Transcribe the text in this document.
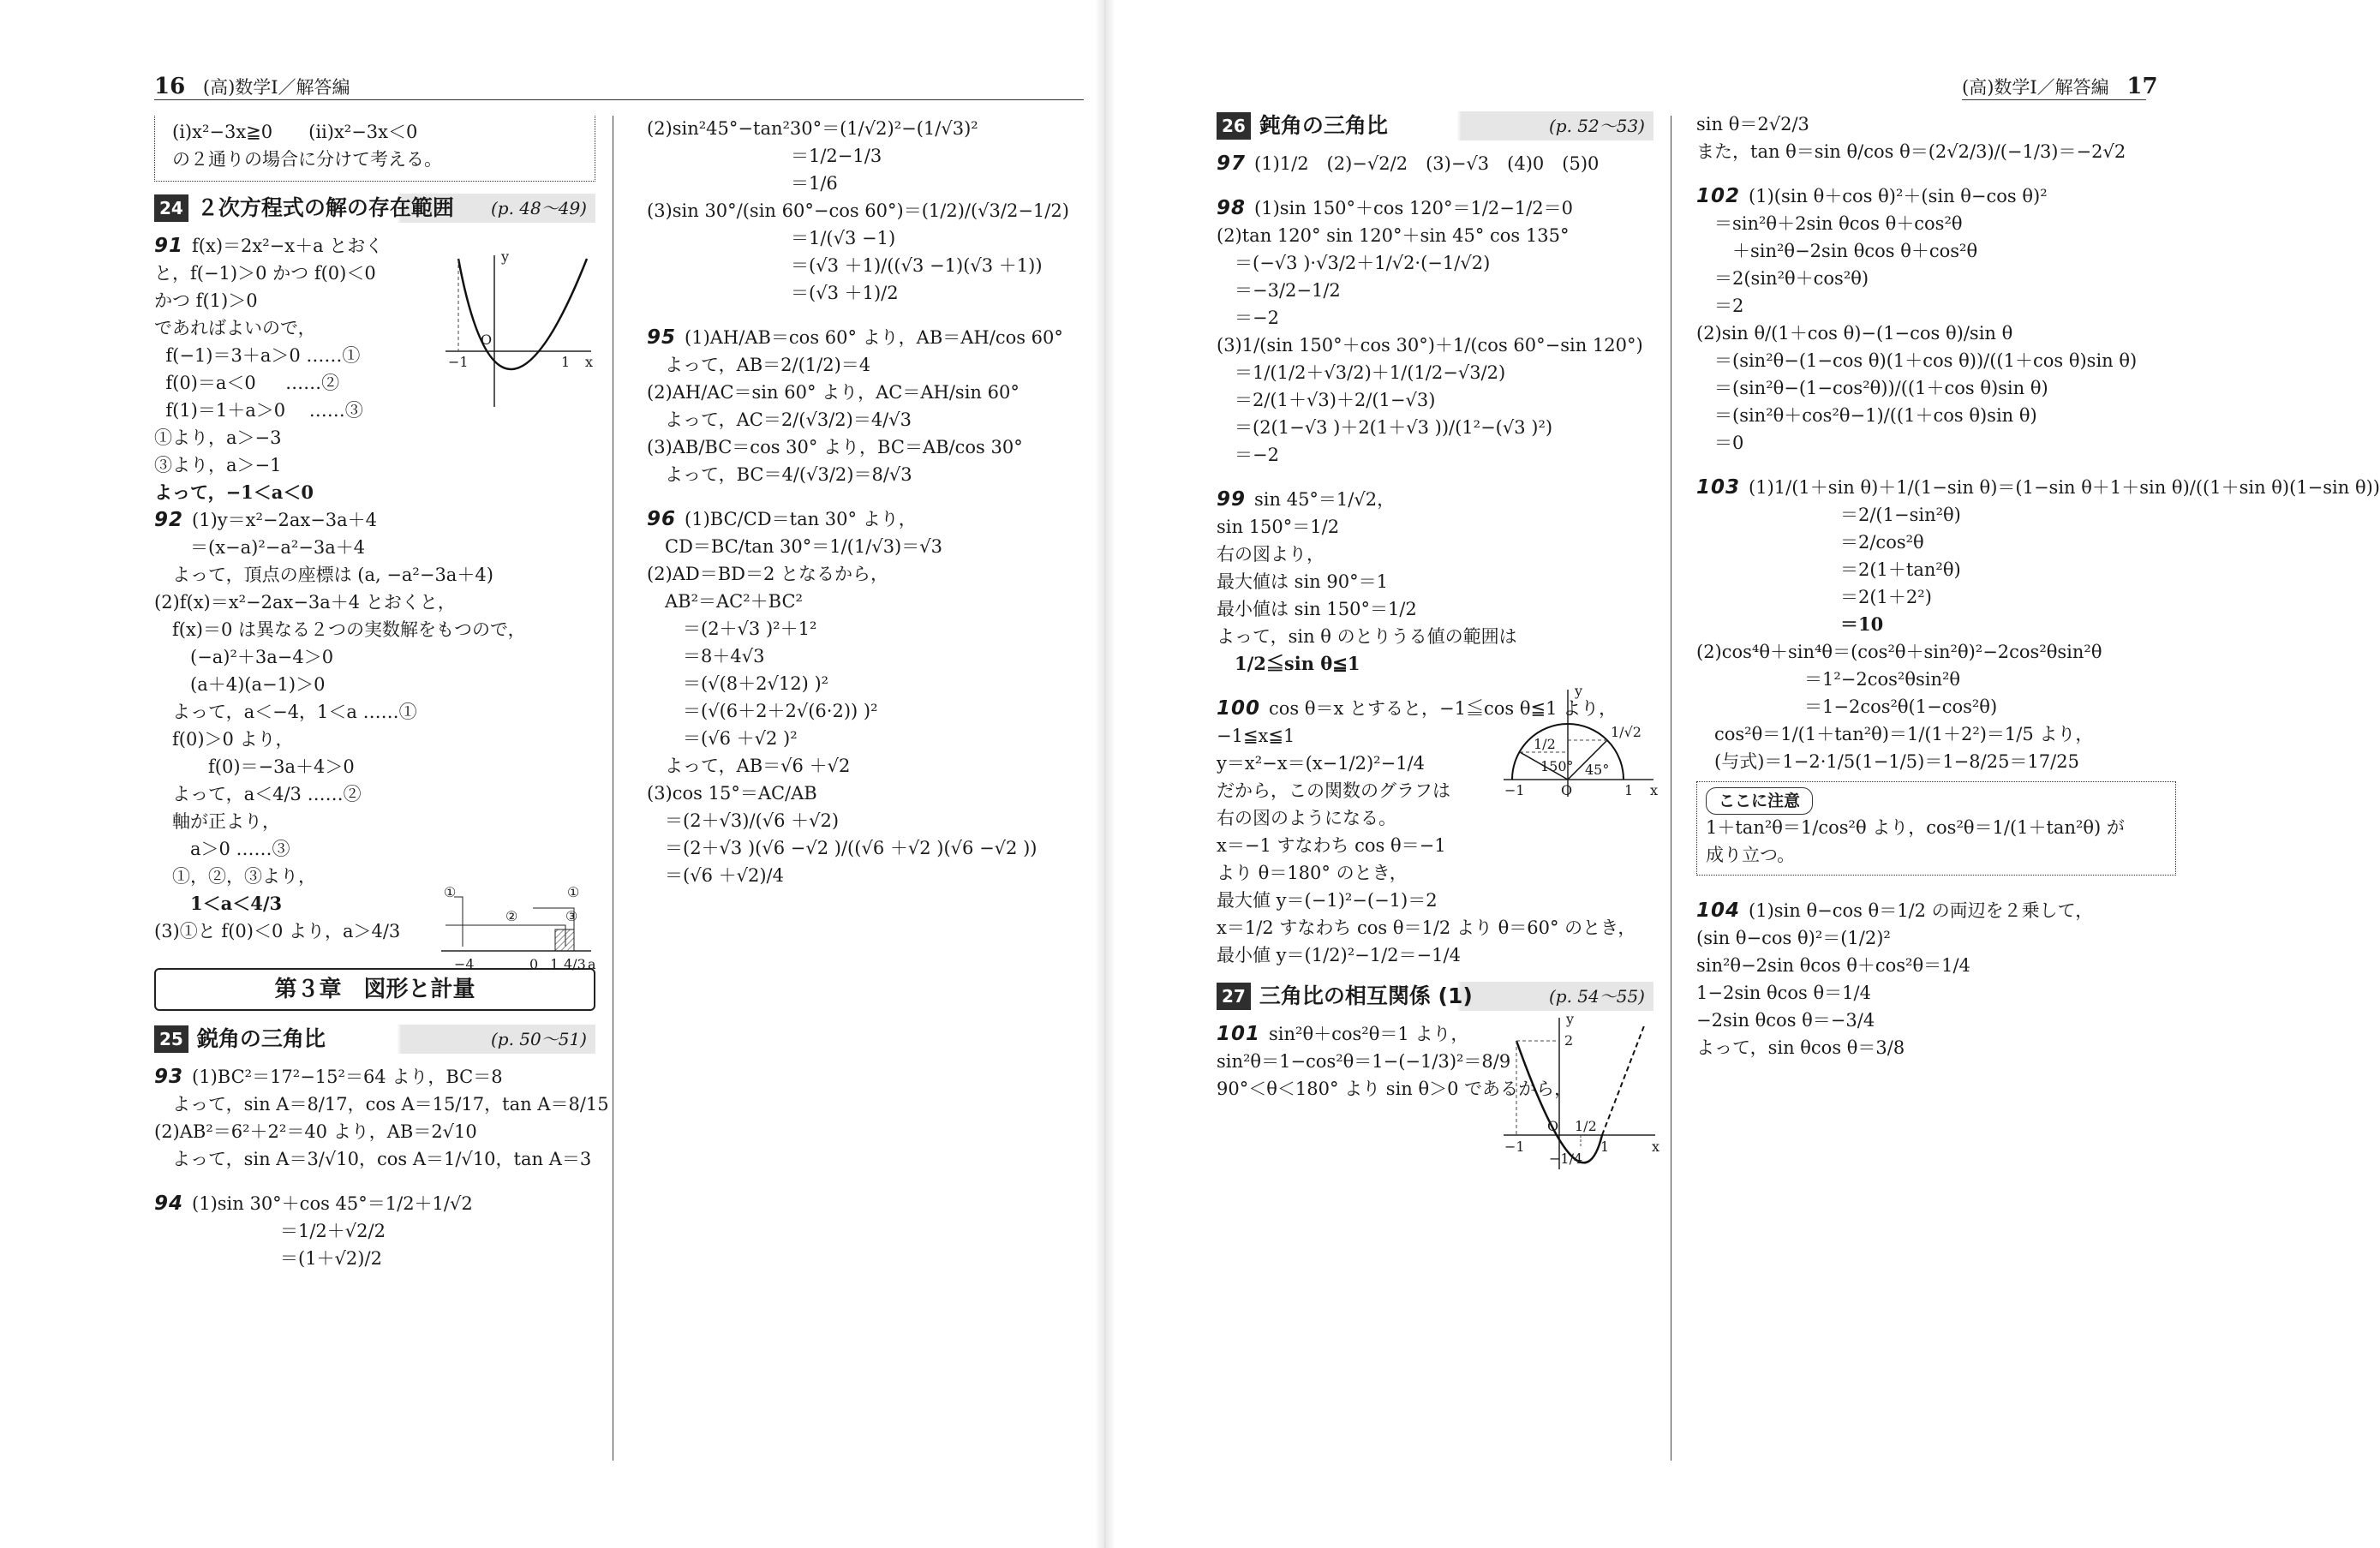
16 (高)数学Ⅰ／解答編
(ⅰ)x²−3x≧0　　(ⅱ)x²−3x＜0
の２通りの場合に分けて考える。
24 ２次方程式の解の存在範囲 (p. 48〜49)
91 f(x)＝2x²−x＋a とおく
と，f(−1)＞0 かつ f(0)＜0
かつ f(1)＞0
であればよいので，
f(−1)＝3＋a＞0 ……①
f(0)＝a＜0 　 ……②
f(1)＝1＋a＞0 　……③
①より，a＞−3
③より，a＞−1
よって，−1＜a＜0
92 (1)y＝x²−2ax−3a＋4
　　＝(x−a)²−a²−3a＋4
　よって，頂点の座標は (a, −a²−3a＋4)
(2)f(x)＝x²−2ax−3a＋4 とおくと，
　f(x)＝0 は異なる２つの実数解をもつので，
　　(−a)²＋3a−4＞0
　　(a＋4)(a−1)＞0
　よって，a＜−4，1＜a ……①
　f(0)＞0 より，
　　　f(0)＝−3a＋4＞0
　よって，a＜4/3 ……②
　軸が正より，
　　a＞0 ……③
　①，②，③より，
　　1＜a＜4/3
(3)①と f(0)＜0 より，a＞4/3
第３章　図形と計量
25 鋭角の三角比	(p. 50〜51)
93 (1)BC²＝17²−15²＝64 より，BC＝8
　よって，sin A＝8/17，cos A＝15/17，tan A＝8/15
(2)AB²＝6²＋2²＝40 より，AB＝2√10
　よって，sin A＝3/√10，cos A＝1/√10，tan A＝3
94 (1)sin 30°＋cos 45°＝1/2＋1/√2
　　　　　　　＝1/2＋√2/2
　　　　　　　＝(1＋√2)/2
y
x
O
−1	1
①
②
①
③
−4	0 1 4/3 a
(2)sin²45°−tan²30°＝(1/√2)²−(1/√3)²
　　　　　　　　＝1/2−1/3
　　　　　　　　＝1/6
(3)sin 30°/(sin 60°−cos 60°)＝(1/2)/(√3/2−1/2)
　　　　　　　　＝1/(√3 −1)
　　　　　　　　＝(√3 ＋1)/((√3 −1)(√3 ＋1))
　　　　　　　　＝(√3 ＋1)/2
95 (1)AH/AB＝cos 60° より，AB＝AH/cos 60°
　よって，AB＝2/(1/2)＝4
(2)AH/AC＝sin 60° より，AC＝AH/sin 60°
　よって，AC＝2/(√3/2)＝4/√3
(3)AB/BC＝cos 30° より，BC＝AB/cos 30°
　よって，BC＝4/(√3/2)＝8/√3
96 (1)BC/CD＝tan 30° より，
　CD＝BC/tan 30°＝1/(1/√3)＝√3
(2)AD＝BD＝2 となるから，
　AB²＝AC²＋BC²
　　＝(2＋√3 )²＋1²
　　＝8＋4√3
　　＝(√(8＋2√12) )²
　　＝(√(6＋2＋2√(6·2)) )²
　　＝(√6 ＋√2 )²
　よって，AB＝√6 ＋√2
(3)cos 15°＝AC/AB
　＝(2＋√3)/(√6 ＋√2)
　＝(2＋√3 )(√6 −√2 )/((√6 ＋√2 )(√6 −√2 ))
　＝(√6 ＋√2)/4
(高)数学Ⅰ／解答編 17
26 鈍角の三角比	(p. 52〜53)
97 (1)1/2　(2)−√2/2　(3)−√3　(4)0　(5)0
98 (1)sin 150°＋cos 120°＝1/2−1/2＝0
(2)tan 120° sin 120°＋sin 45° cos 135°
　＝(−√3 )·√3/2＋1/√2·(−1/√2)
　＝−3/2−1/2
　＝−2
(3)1/(sin 150°＋cos 30°)＋1/(cos 60°−sin 120°)
　＝1/(1/2＋√3/2)＋1/(1/2−√3/2)
　＝2/(1＋√3)＋2/(1−√3)
　＝(2(1−√3 )＋2(1＋√3 ))/(1²−(√3 )²)
　＝−2
99 sin 45°＝1/√2，
sin 150°＝1/2
右の図より，
最大値は sin 90°＝1
最小値は sin 150°＝1/2
よって，sin θ のとりうる値の範囲は
　1/2≦sin θ≦1
100 cos θ＝x とすると，−1≦cos θ≦1 より，
−1≦x≦1
y＝x²−x＝(x−1/2)²−1/4
だから，この関数のグラフは
右の図のようになる。
x＝−1 すなわち cos θ＝−1
より θ＝180° のとき，
最大値 y＝(−1)²−(−1)＝2
x＝1/2 すなわち cos θ＝1/2 より θ＝60° のとき，
最小値 y＝(1/2)²−1/2＝−1/4
27 三角比の相互関係 (1)	(p. 54〜55)
101 sin²θ＋cos²θ＝1 より，
sin²θ＝1−cos²θ＝1−(−1/3)²＝8/9
90°＜θ＜180° より sin θ＞0 であるから，
y
x
O
−1	1
1/2
1/√2
150° 45°
y
x
O
−1	1
2
1/2
−1/4
sin θ＝2√2/3
また，tan θ＝sin θ/cos θ＝(2√2/3)/(−1/3)＝−2√2
102 (1)(sin θ＋cos θ)²＋(sin θ−cos θ)²
　＝sin²θ＋2sin θcos θ＋cos²θ
　　＋sin²θ−2sin θcos θ＋cos²θ
　＝2(sin²θ＋cos²θ)
　＝2
(2)sin θ/(1＋cos θ)−(1−cos θ)/sin θ
　＝(sin²θ−(1−cos θ)(1＋cos θ))/((1＋cos θ)sin θ)
　＝(sin²θ−(1−cos²θ))/((1＋cos θ)sin θ)
　＝(sin²θ＋cos²θ−1)/((1＋cos θ)sin θ)
　＝0
103 (1)1/(1＋sin θ)＋1/(1−sin θ)＝(1−sin θ＋1＋sin θ)/((1＋sin θ)(1−sin θ))
　　　　　　　　＝2/(1−sin²θ)
　　　　　　　　＝2/cos²θ
　　　　　　　　＝2(1＋tan²θ)
　　　　　　　　＝2(1＋2²)
　　　　　　　　＝10
(2)cos⁴θ＋sin⁴θ＝(cos²θ＋sin²θ)²−2cos²θsin²θ
　　　　　　＝1²−2cos²θsin²θ
　　　　　　＝1−2cos²θ(1−cos²θ)
　cos²θ＝1/(1＋tan²θ)＝1/(1＋2²)＝1/5 より，
　(与式)＝1−2·1/5(1−1/5)＝1−8/25＝17/25
ここに注意
1＋tan²θ＝1/cos²θ より，cos²θ＝1/(1＋tan²θ) が
成り立つ。
104 (1)sin θ−cos θ＝1/2 の両辺を２乗して，
(sin θ−cos θ)²＝(1/2)²
sin²θ−2sin θcos θ＋cos²θ＝1/4
1−2sin θcos θ＝1/4
−2sin θcos θ＝−3/4
よって，sin θcos θ＝3/8
